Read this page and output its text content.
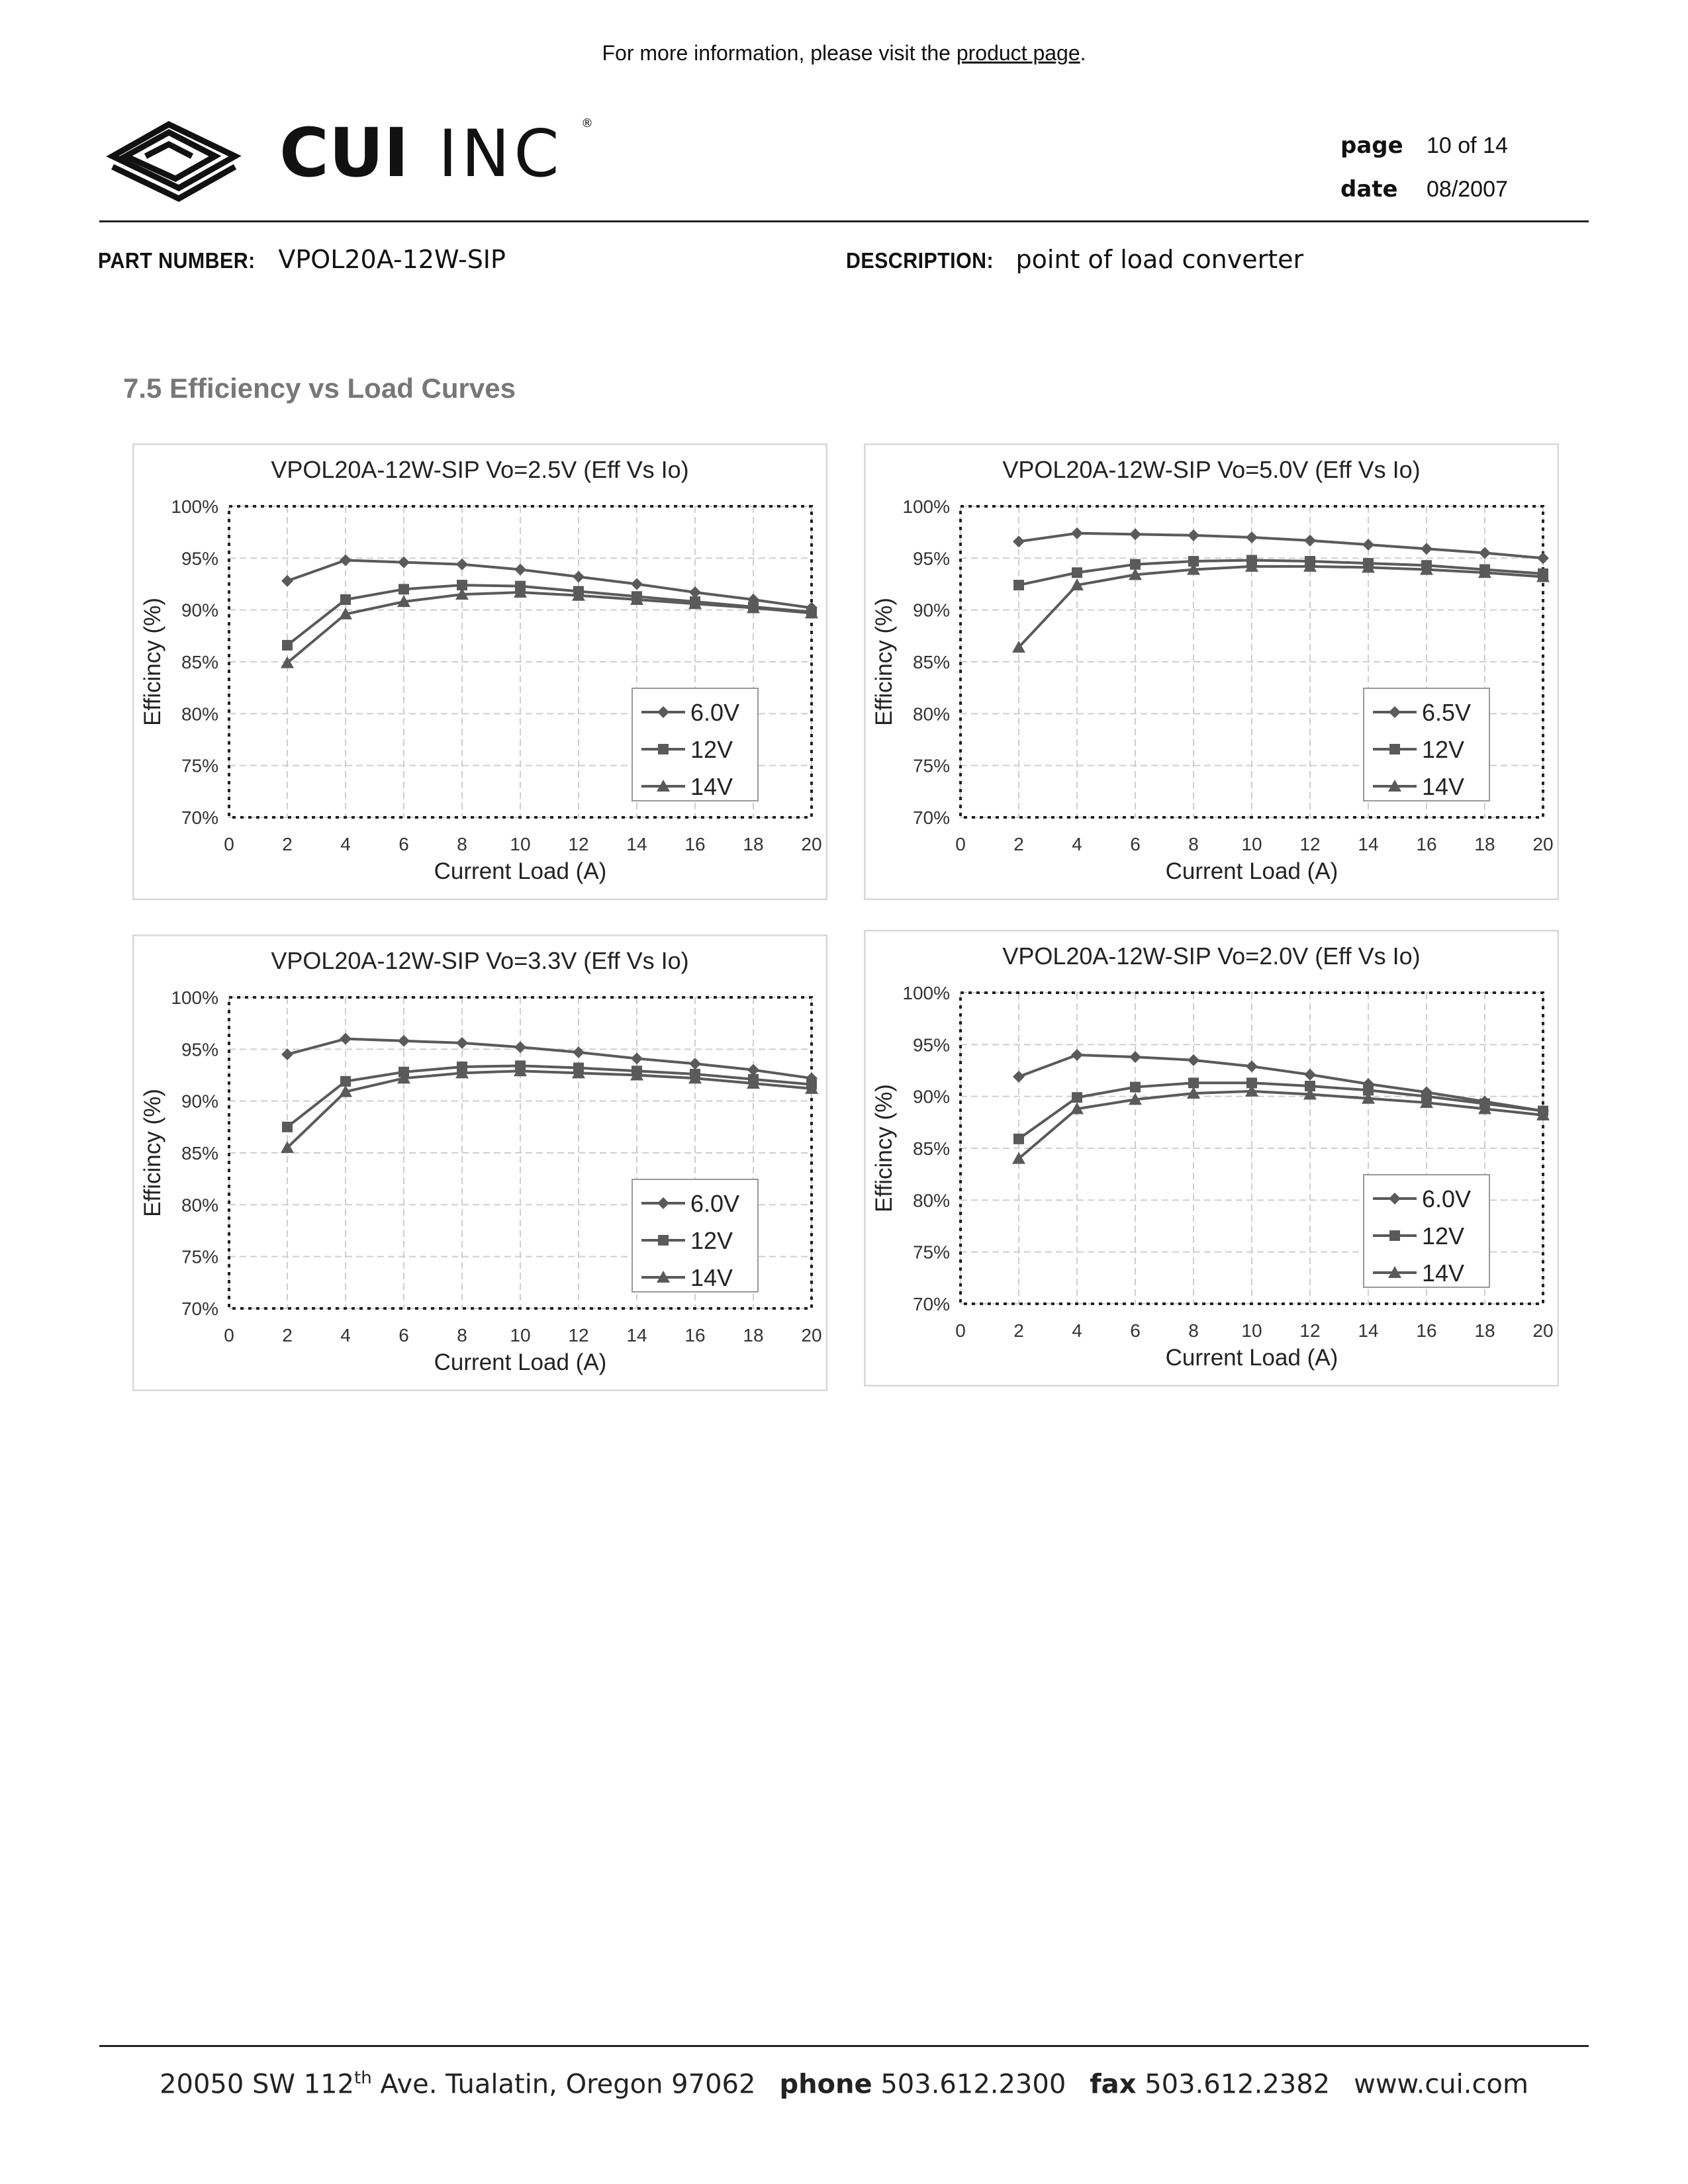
For more information, please visit the product page.
CUI INC ®
page	10 of 14
date	08/2007
PART NUMBER: VPOL20A-12W-SIP	DESCRIPTION: point of load converter
7.5 Efficiency vs Load Curves
VPOL20A-12W-SIP Vo=2.5V (Eff Vs Io)
0	2	4	6	8 10 12 14 16 18 20
70%
75%
80%
85%
90%
95%
100%
Current Load (A)
Efficincy (%)	6.0V
12V
14V
VPOL20A-12W-SIP Vo=5.0V (Eff Vs Io)
0	2	4	6	8 10 12 14 16 18 20
70%
75%
80%
85%
90%
95%
100%
Current Load (A)
Efficincy (%)	6.5V
12V
14V
VPOL20A-12W-SIP Vo=3.3V (Eff Vs Io)
0	2	4	6	8 10 12 14 16 18 20
70%
75%
80%
85%
90%
95%
100%
Current Load (A)
Efficincy (%)	6.0V
12V
14V
VPOL20A-12W-SIP Vo=2.0V (Eff Vs Io)
0	2	4	6	8 10 12 14 16 18 20
70%
75%
80%
85%
90%
95%
100%
Current Load (A)
Efficincy (%)	6.0V
12V
14V
20050 SW 112th Ave. Tualatin, Oregon 97062 phone 503.612.2300 fax 503.612.2382 www.cui.com
